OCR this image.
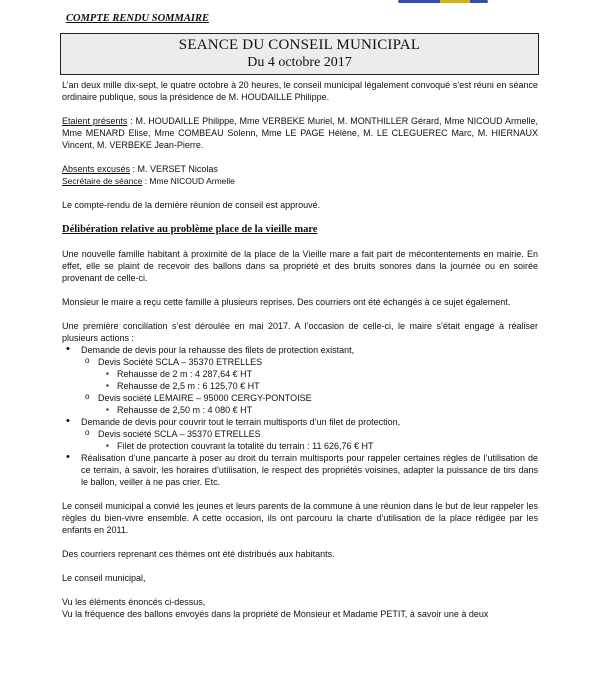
COMPTE RENDU SOMMAIRE
SEANCE DU CONSEIL MUNICIPAL
Du 4 octobre 2017

L’an deux mille dix-sept, le quatre octobre à 20 heures, le conseil municipal légalement convoqué s’est réuni en séance ordinaire publique, sous la présidence de M. HOUDAILLE Philippe.

Etaient présents : M. HOUDAILLE Philippe, Mme VERBEKE Muriel, M. MONTHILLER Gérard, Mme NICOUD Armelle, Mme MENARD Elise, Mme COMBEAU Solenn, Mme LE PAGE Hélène, M. LE CLEGUEREC Marc, M. HIERNAUX Vincent, M. VERBEKE Jean-Pierre.

Absents excusés : M. VERSET Nicolas

Secrétaire de séance : Mme NICOUD Armelle

Le compte-rendu de la dernière réunion de conseil est approuvé.

Délibération relative au problème place de la vieille mare

Une nouvelle famille habitant à proximité de la place de la Vieille mare a fait part de mécontentements en mairie. En effet, elle se plaint de recevoir des ballons dans sa propriété et des bruits sonores dans la journée ou en soirée provenant de celle-ci.

Monsieur le maire a reçu cette famille à plusieurs reprises. Des courriers ont été échangés à ce sujet également.

Une première conciliation s’est déroulée en mai 2017. A l’occasion de celle-ci, le maire s’était engagé à réaliser plusieurs actions :

• Demande de devis pour la rehausse des filets de protection existant,
o Devis Société SCLA – 35370 ETRELLES
▪ Rehausse de 2 m : 4 287,64 € HT
▪ Rehausse de 2,5 m : 6 125,70 € HT
o Devis société LEMAIRE – 95000 CERGY-PONTOISE
▪ Rehausse de 2,50 m : 4 080 € HT
• Demande de devis pour couvrir tout le terrain multisports d’un filet de protection,
o Devis société SCLA – 35370 ETRELLES
▪ Filet de protection couvrant la totalité du terrain : 11 626,76 € HT
• Réalisation d’une pancarte à poser au droit du terrain multisports pour rappeler certaines règles de l’utilisation de ce terrain, à savoir, les horaires d’utilisation, le respect des propriétés voisines, adapter la puissance de tirs dans le ballon, veiller à ne pas crier. Etc.

Le conseil municipal a convié les jeunes et leurs parents de la commune à une réunion dans le but de leur rappeler les règles du bien-vivre ensemble. A cette occasion, ils ont parcouru la charte d’utilisation de la place rédigée par les enfants en 2011.

Des courriers reprenant ces thèmes ont été distribués aux habitants.

Le conseil municipal,

Vu les éléments énoncés ci-dessus,

Vu la fréquence des ballons envoyés dans la propriété de Monsieur et Madame PETIT, à savoir une à deux
